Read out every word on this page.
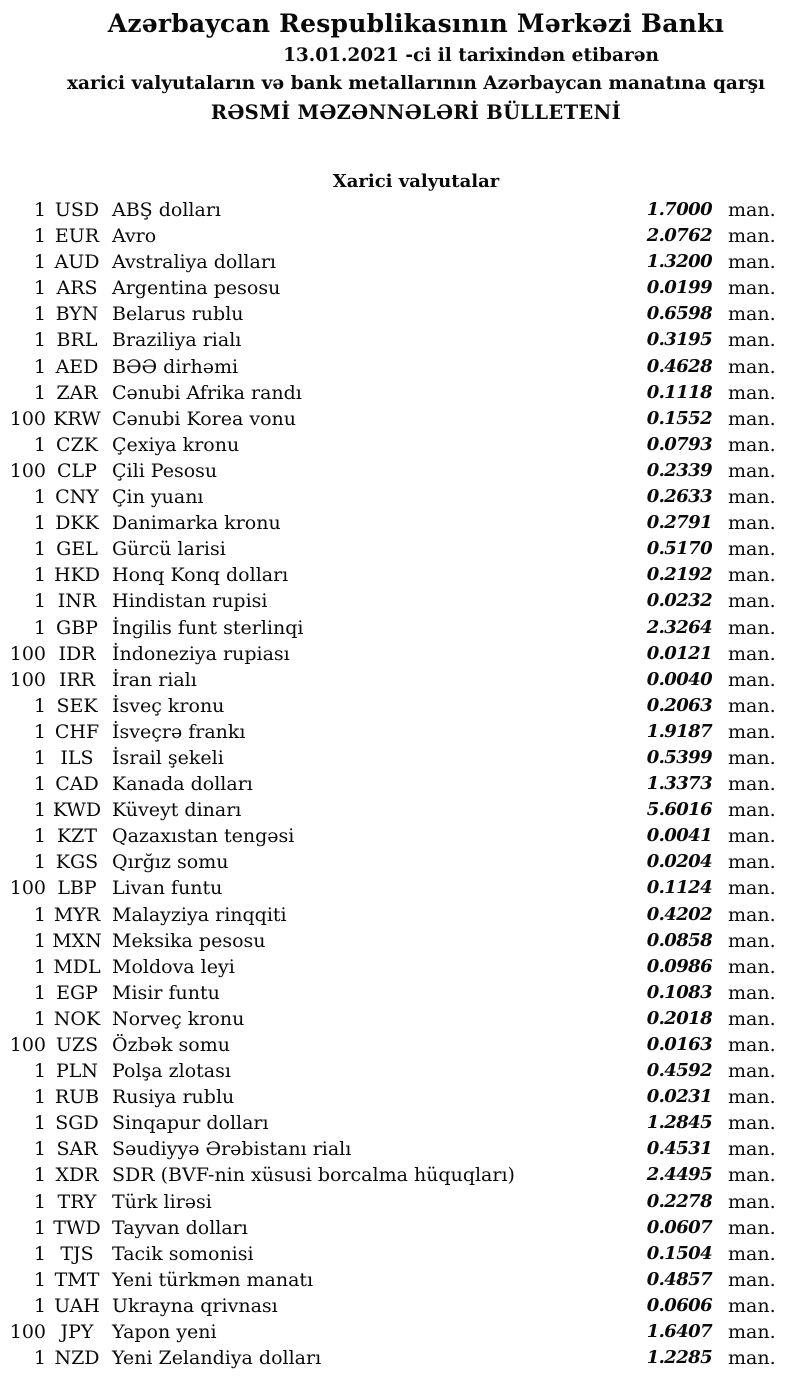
Azərbaycan Respublikasının Mərkəzi Bankı
13.01.2021 -ci il tarixindən etibarən
xarici valyutaların və bank metallarının Azərbaycan manatına qarşı
RƏSMİ MƏZƏNNƏLƏRİ BÜLLETENİ
Xarici valyutalar
1 USD ABŞ dolları	1.7000 man.
1 EUR Avro	2.0762 man.
1 AUD Avstraliya dolları	1.3200 man.
1 ARS Argentina pesosu	0.0199 man.
1 BYN Belarus rublu	0.6598 man.
1 BRL Braziliya rialı	0.3195 man.
1 AED BƏƏ dirhəmi	0.4628 man.
1 ZAR Cənubi Afrika randı	0.1118 man.
100 KRW Cənubi Korea vonu	0.1552 man.
1 CZK Çexiya kronu	0.0793 man.
100 CLP Çili Pesosu	0.2339 man.
1 CNY Çin yuanı	0.2633 man.
1 DKK Danimarka kronu	0.2791 man.
1 GEL Gürcü larisi	0.5170 man.
1 HKD Honq Konq dolları	0.2192 man.
1 INR Hindistan rupisi	0.0232 man.
1 GBP İngilis funt sterlinqi	2.3264 man.
100 IDR İndoneziya rupiası	0.0121 man.
100 IRR İran rialı	0.0040 man.
1 SEK İsveç kronu	0.2063 man.
1 CHF İsveçrə frankı	1.9187 man.
1 ILS İsrail şekeli	0.5399 man.
1 CAD Kanada dolları	1.3373 man.
1 KWD Küveyt dinarı	5.6016 man.
1 KZT Qazaxıstan tengəsi	0.0041 man.
1 KGS Qırğız somu	0.0204 man.
100 LBP Livan funtu	0.1124 man.
1 MYR Malayziya rinqqiti	0.4202 man.
1 MXN Meksika pesosu	0.0858 man.
1 MDL Moldova leyi	0.0986 man.
1 EGP Misir funtu	0.1083 man.
1 NOK Norveç kronu	0.2018 man.
100 UZS Özbək somu	0.0163 man.
1 PLN Polşa zlotası	0.4592 man.
1 RUB Rusiya rublu	0.0231 man.
1 SGD Sinqapur dolları	1.2845 man.
1 SAR Səudiyyə Ərəbistanı rialı	0.4531 man.
1 XDR SDR (BVF-nin xüsusi borcalma hüquqları)	2.4495 man.
1 TRY Türk lirəsi	0.2278 man.
1 TWD Tayvan dolları	0.0607 man.
1 TJS Tacik somonisi	0.1504 man.
1 TMT Yeni türkmən manatı	0.4857 man.
1 UAH Ukrayna qrivnası	0.0606 man.
100 JPY Yapon yeni	1.6407 man.
1 NZD Yeni Zelandiya dolları	1.2285 man.
